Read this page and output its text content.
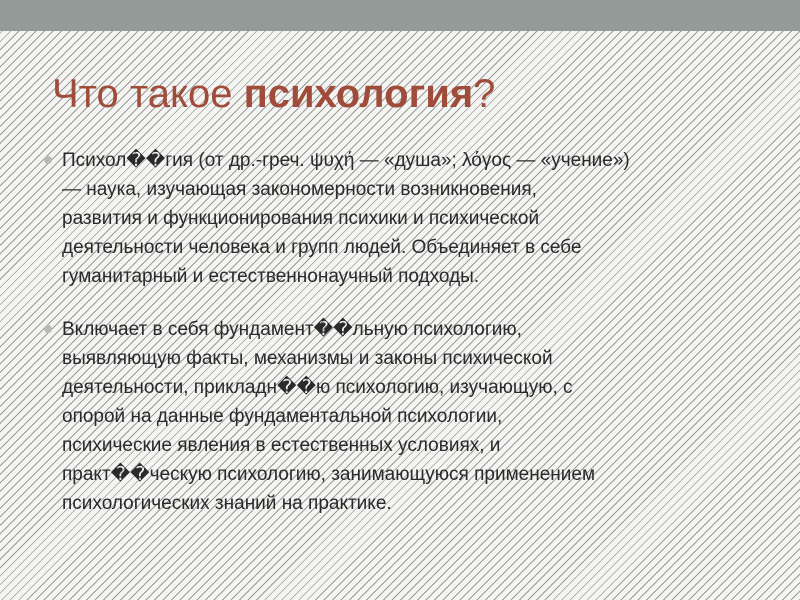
Что такое психология?

Психол��гия (от др.-греч. ψυχή — «душа»; λόγος — «учение»)
— наука, изучающая закономерности возникновения,
развития и функционирования психики и психической
деятельности человека и групп людей. Объединяет в себе
гуманитарный и естественнонаучный подходы.

Включает в себя фундамент��льную психологию,
выявляющую факты, механизмы и законы психической
деятельности, прикладн��ю психологию, изучающую, с
опорой на данные фундаментальной психологии,
психические явления в естественных условиях, и
практ��ческую психологию, занимающуюся применением
психологических знаний на практике.
